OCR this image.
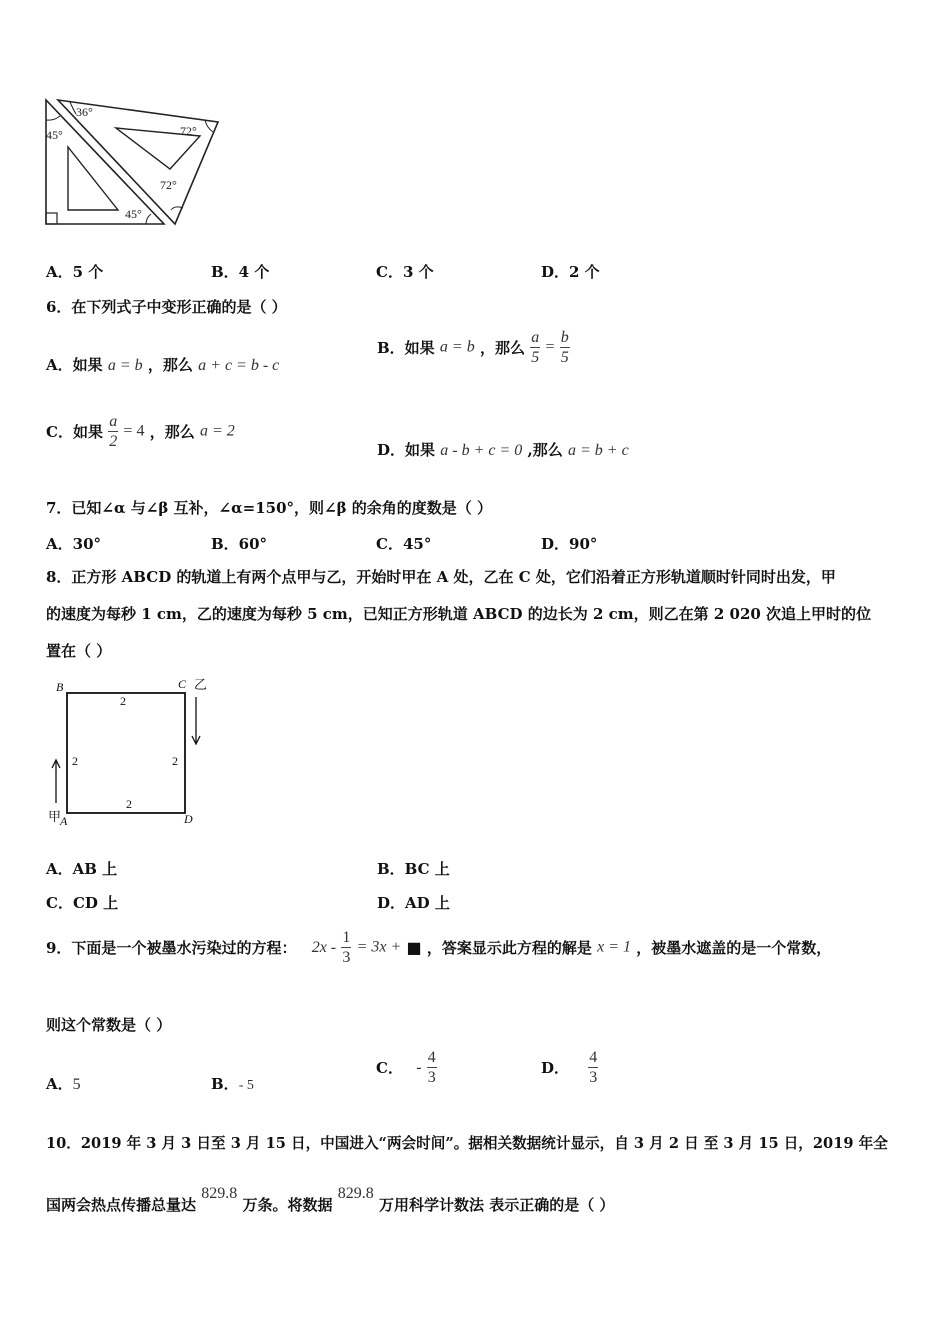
36°
45°	72°
72°
45°
A．5 个	B．4 个	C．3 个	D．2 个
6．在下列式子中变形正确的是（ ）
A．如果 a = b ，那么 a + c = b - c
B．如果 a = b ，那么 $\frac{a}{5} = \frac{b}{5}$
C．如果 $\frac{a}{2} = 4$ ，那么 a = 2
D．如果 a - b + c = 0 ,那么 a = b + c
7．已知∠α 与∠β 互补，∠α=150°，则∠β 的余角的度数是（ ）
A．30°	B．60°	C．45°	D．90°
8．正方形 ABCD 的轨道上有两个点甲与乙，开始时甲在 A 处，乙在 C 处，它们沿着正方形轨道顺时针同时出发，甲
的速度为每秒 1 cm，乙的速度为每秒 5 cm，已知正方形轨道 ABCD 的边长为 2 cm，则乙在第 2 020 次追上甲时的位
置在（ ）
B	C 乙
甲
A	D
2
2	2
2
A．AB 上	B．BC 上
C．CD 上	D．AD 上
9．下面是一个被墨水污染过的方程： $2x - \frac{1}{3} = 3x$ + ■ ，答案显示此方程的解是 x = 1 ，被墨水遮盖的是一个常数，
则这个常数是（ ）
A．5	B．- 5
C． - $\frac{4}{3}$	D． $\frac{4}{3}$
10．2019 年 3 月 3 日至 3 月 15 日，中国进入“两会时间”。据相关数据统计显示，自 3 月 2 日 至 3 月 15 日，2019 年全
国两会热点传播总量达 829.8 万条。将数据 829.8 万用科学计数法 表示正确的是（ ）
